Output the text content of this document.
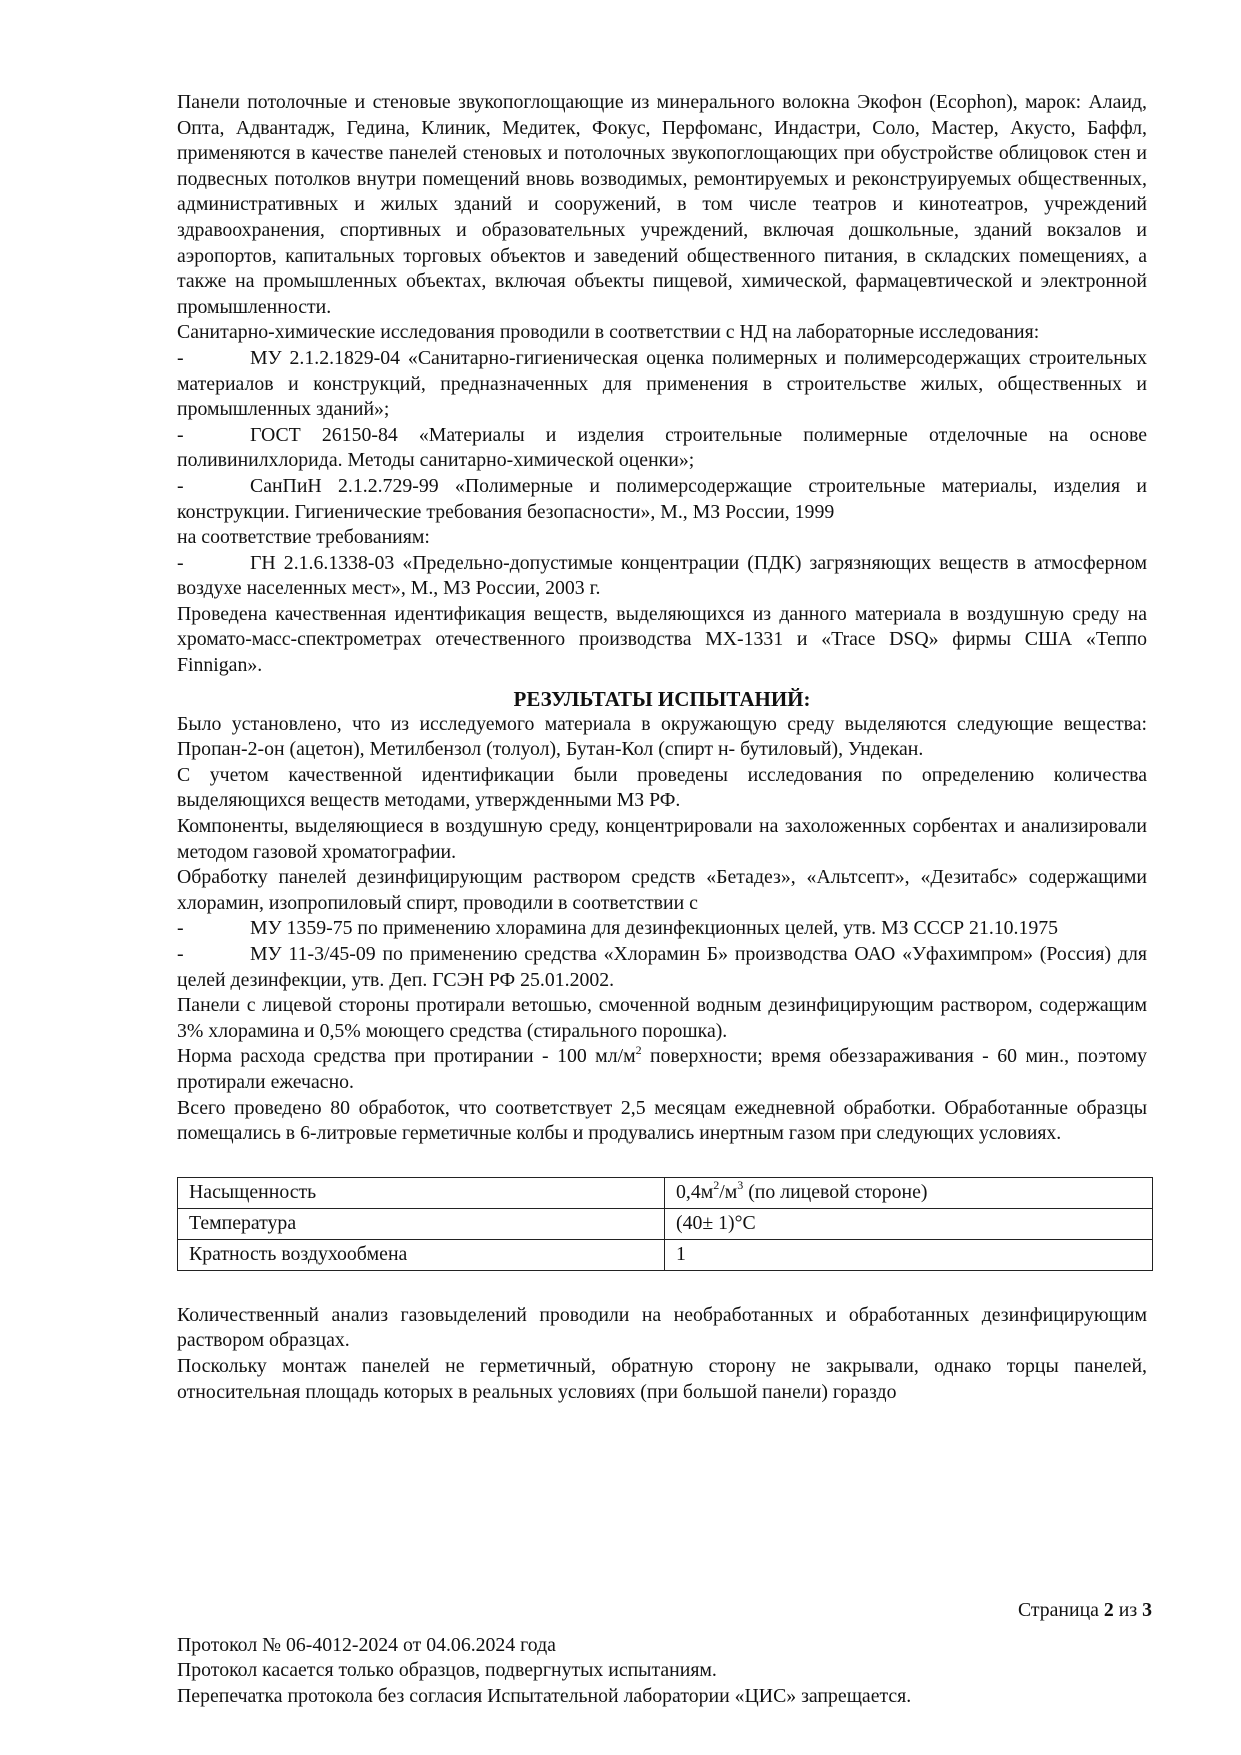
Панели потолочные и стеновые звукопоглощающие из минерального волокна Экофон (Ecophon), марок: Алаид, Опта, Адвантадж, Гедина, Клиник, Медитек, Фокус, Перфоманс, Индастри, Соло, Мастер, Акусто, Баффл, применяются в качестве панелей стеновых и потолочных звукопоглощающих при обустройстве облицовок стен и подвесных потолков внутри помещений вновь возводимых, ремонтируемых и реконструируемых общественных, административных и жилых зданий и сооружений, в том числе театров и кинотеатров, учреждений здравоохранения, спортивных и образовательных учреждений, включая дошкольные, зданий вокзалов и аэропортов, капитальных торговых объектов и заведений общественного питания, в складских помещениях, а также на промышленных объектах, включая объекты пищевой, химической, фармацевтической и электронной промышленности.

Санитарно-химические исследования проводили в соответствии с НД на лабораторные исследования:

-	МУ 2.1.2.1829-04 «Санитарно-гигиеническая оценка полимерных и полимерсодержащих строительных материалов и конструкций, предназначенных для применения в строительстве жилых, общественных и промышленных зданий»;

-	ГОСТ 26150-84 «Материалы и изделия строительные полимерные отделочные на основе поливинилхлорида. Методы санитарно-химической оценки»;

-	СанПиН 2.1.2.729-99 «Полимерные и полимерсодержащие строительные материалы, изделия и конструкции. Гигиенические требования безопасности», М., МЗ России, 1999

на соответствие требованиям:

-	ГН 2.1.6.1338-03 «Предельно-допустимые концентрации (ПДК) загрязняющих веществ в атмосферном воздухе населенных мест», М., МЗ России, 2003 г.

Проведена качественная идентификация веществ, выделяющихся из данного материала в воздушную среду на хромато-масс-спектрометрах отечественного производства МХ-1331 и «Trace DSQ» фирмы США «Теппо Finnigan».

РЕЗУЛЬТАТЫ ИСПЫТАНИЙ:

Было установлено, что из исследуемого материала в окружающую среду выделяются следующие вещества: Пропан-2-он (ацетон), Метилбензол (толуол), Бутан-Кол (спирт н- бутиловый), Ундекан.

С учетом качественной идентификации были проведены исследования по определению количества выделяющихся веществ методами, утвержденными МЗ РФ.

Компоненты, выделяющиеся в воздушную среду, концентрировали на захоложенных сорбентах и анализировали методом газовой хроматографии.

Обработку панелей дезинфицирующим раствором средств «Бетадез», «Альтсепт», «Дезитабс» содержащими хлорамин, изопропиловый спирт, проводили в соответствии с

-	МУ 1359-75 по применению хлорамина для дезинфекционных целей, утв. МЗ СССР 21.10.1975

-	МУ 11-3/45-09 по применению средства «Хлорамин Б» производства ОАО «Уфахимпром» (Россия) для целей дезинфекции, утв. Деп. ГСЭН РФ 25.01.2002.

Панели с лицевой стороны протирали ветошью, смоченной водным дезинфицирующим раствором, содержащим 3% хлорамина и 0,5% моющего средства (стирального порошка).

Норма расхода средства при протирании - 100 $мл/м^2$ поверхности; время обеззараживания - 60 мин., поэтому протирали ежечасно.

Всего проведено 80 обработок, что соответствует 2,5 месяцам ежедневной обработки. Обработанные образцы помещались в 6-литровые герметичные колбы и продувались инертным газом при следующих условиях.

Насыщенность	$0,4м^2/м^3$ (по лицевой стороне)
Температура	(40± 1)°С
Кратность воздухообмена	1

Количественный анализ газовыделений проводили на необработанных и обработанных дезинфицирующим раствором образцах.

Поскольку монтаж панелей не герметичный, обратную сторону не закрывали, однако торцы панелей, относительная площадь которых в реальных условиях (при большой панели) гораздо

Страница 2 из 3
Протокол № 06-4012-2024 от 04.06.2024 года
Протокол касается только образцов, подвергнутых испытаниям.
Перепечатка протокола без согласия Испытательной лаборатории «ЦИС» запрещается.
